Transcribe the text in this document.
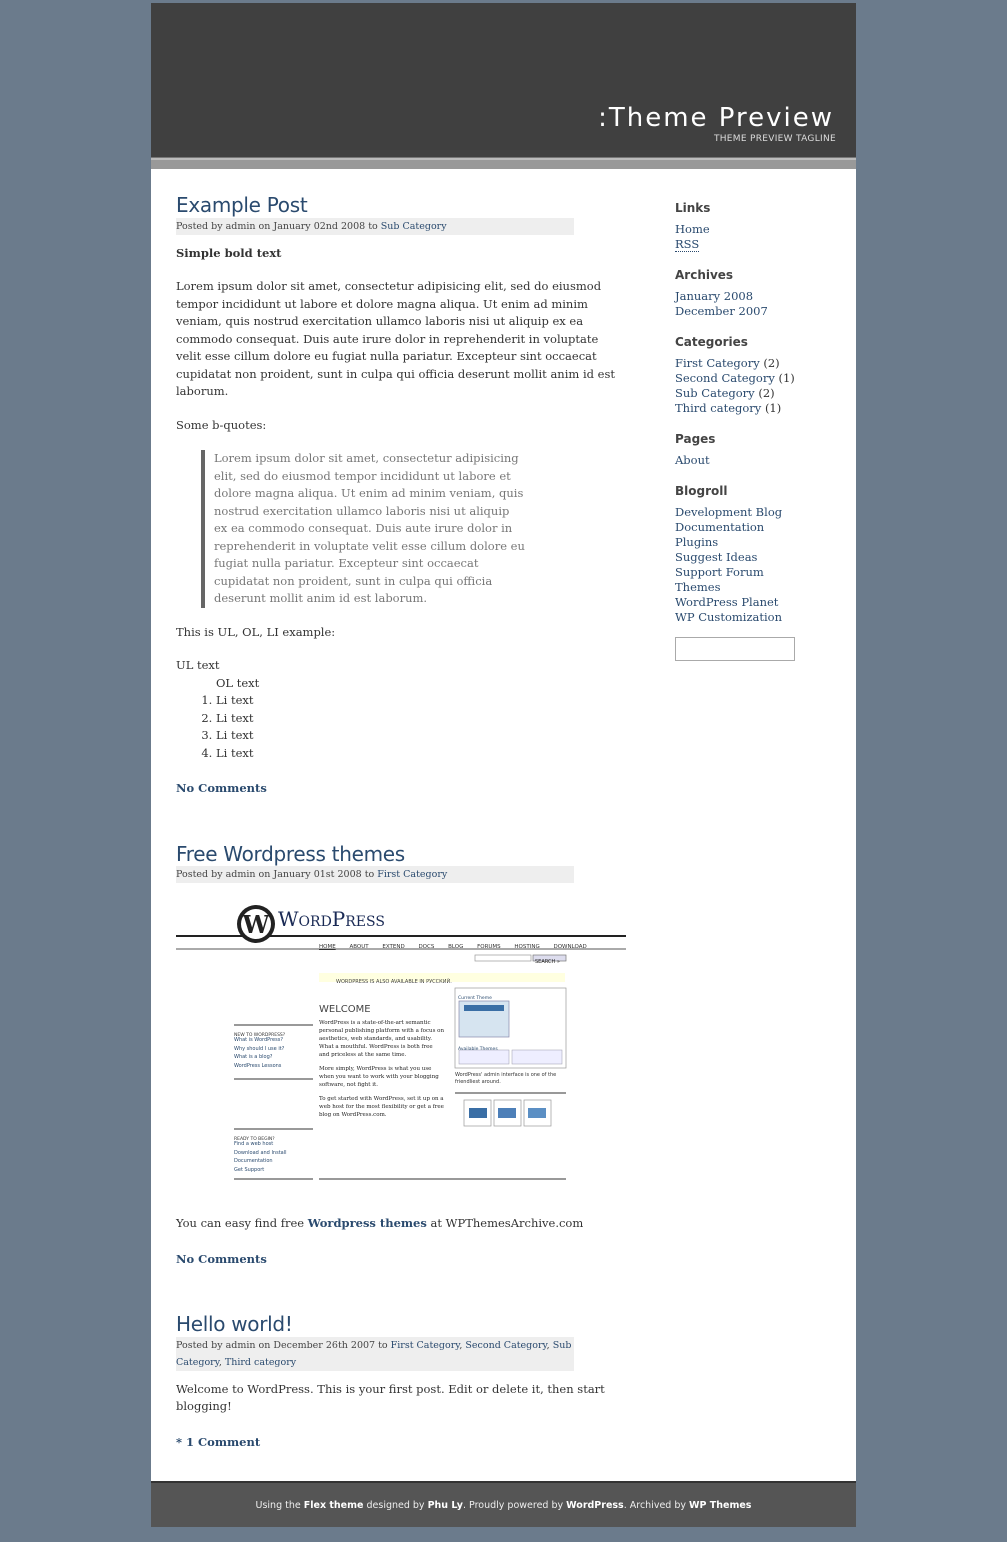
:Theme Preview
THEME PREVIEW TAGLINE
Example Post
Posted by admin on January 02nd 2008 to Sub Category

Simple bold text

Lorem ipsum dolor sit amet, consectetur adipisicing elit, sed do eiusmod tempor incididunt ut labore et dolore magna aliqua. Ut enim ad minim veniam, quis nostrud exercitation ullamco laboris nisi ut aliquip ex ea commodo consequat. Duis aute irure dolor in reprehenderit in voluptate velit esse cillum dolore eu fugiat nulla pariatur. Excepteur sint occaecat cupidatat non proident, sunt in culpa qui officia deserunt mollit anim id est laborum.

Some b-quotes:

Lorem ipsum dolor sit amet, consectetur adipisicing elit, sed do eiusmod tempor incididunt ut labore et dolore magna aliqua. Ut enim ad minim veniam, quis nostrud exercitation ullamco laboris nisi ut aliquip ex ea commodo consequat. Duis aute irure dolor in reprehenderit in voluptate velit esse cillum dolore eu fugiat nulla pariatur. Excepteur sint occaecat cupidatat non proident, sunt in culpa qui officia deserunt mollit anim id est laborum.

This is UL, OL, LI example:

UL text

OL text
1. Li text
2. Li text
3. Li text
4. Li text
No Comments
Free Wordpress themes
Posted by admin on January 01st 2008 to First Category
W WordPress
HOME	ABOUT	EXTEND	DOCS	BLOG	FORUMS	HOSTING	DOWNLOAD
SEARCH »
WORDPRESS IS ALSO AVAILABLE IN РУССКИЙ.
WELCOME
WordPress is a state-of-the-art semantic personal publishing platform with a focus on aesthetics, web standards, and usability. What a mouthful. WordPress is both free and priceless at the same time.
More simply, WordPress is what you use when you want to work with your blogging software, not fight it.
To get started with WordPress, set it up on a web host for the most flexibility or get a free blog on WordPress.com.
NEW TO WORDPRESS?
What is WordPress?
Why should I use it?
What is a blog?
WordPress Lessons
READY TO BEGIN?
Find a web host
Download and Install
Documentation
Get Support
Current Theme
Available Themes
WordPress' admin interface is one of the friendliest around.

You can easy find free Wordpress themes at WPThemesArchive.com

No Comments
Hello world!
Posted by admin on December 26th 2007 to First Category, Second Category, Sub Category, Third category

Welcome to WordPress. This is your first post. Edit or delete it, then start blogging!

* 1 Comment
Links
Home
RSS
Archives
January 2008
December 2007
Categories
First Category (2)
Second Category (1)
Sub Category (2)
Third category (1)
Pages
About
Blogroll
Development Blog
Documentation
Plugins
Suggest Ideas
Support Forum
Themes
WordPress Planet
WP Customization
Using the Flex theme designed by Phu Ly. Proudly powered by WordPress. Archived by WP Themes
